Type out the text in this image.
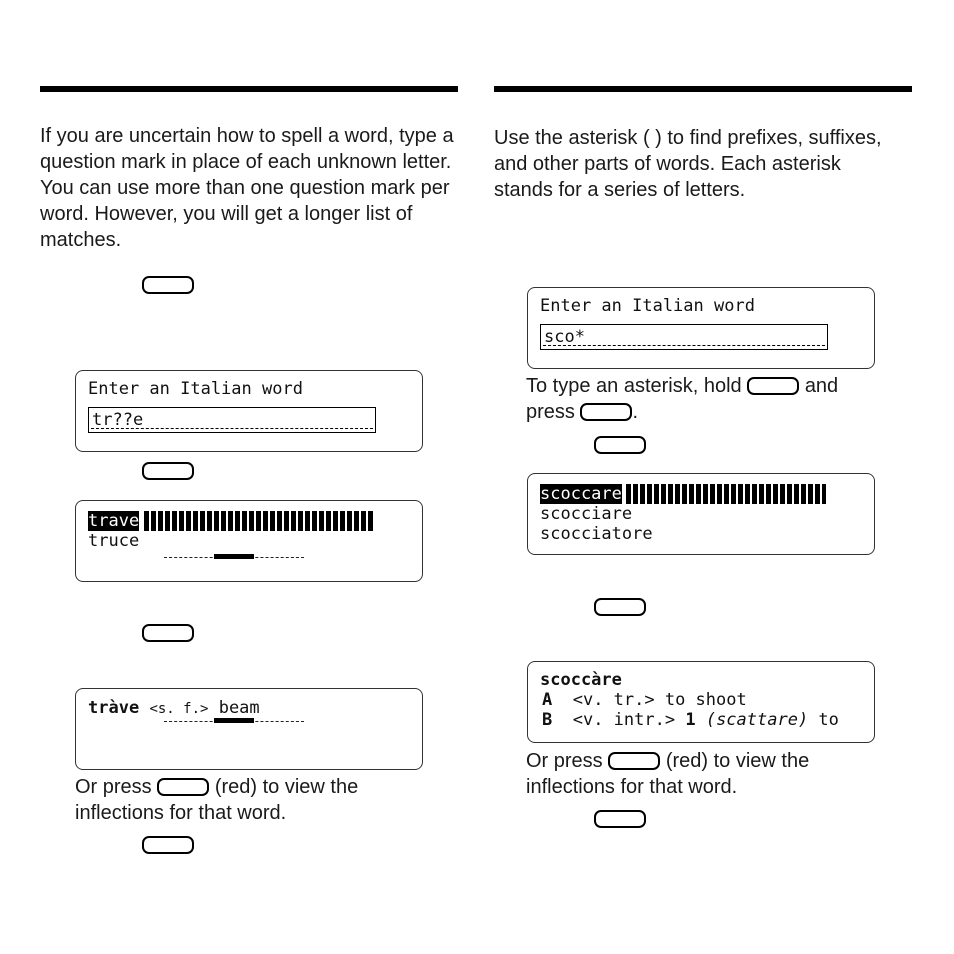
If you are uncertain how to spell a word, type a question mark in place of each unknown letter. You can use more than one question mark per word. However, you will get a longer list of matches.

Enter an Italian word
tr??e
trave
truce
tràve <s. f.> beam

Or press	(red) to view the
inflections for that word.

Use the asterisk ( ) to find prefixes, suffixes, and other parts of words. Each asterisk stands for a series of letters.

Enter an Italian word
sco*

To type an asterisk, hold	and
press	.

scoccare
scocciare
scocciatore
scoccàre
A <v. tr.> to shoot
B <v. intr.> 1 (scattare) to

Or press	(red) to view the
inflections for that word.
